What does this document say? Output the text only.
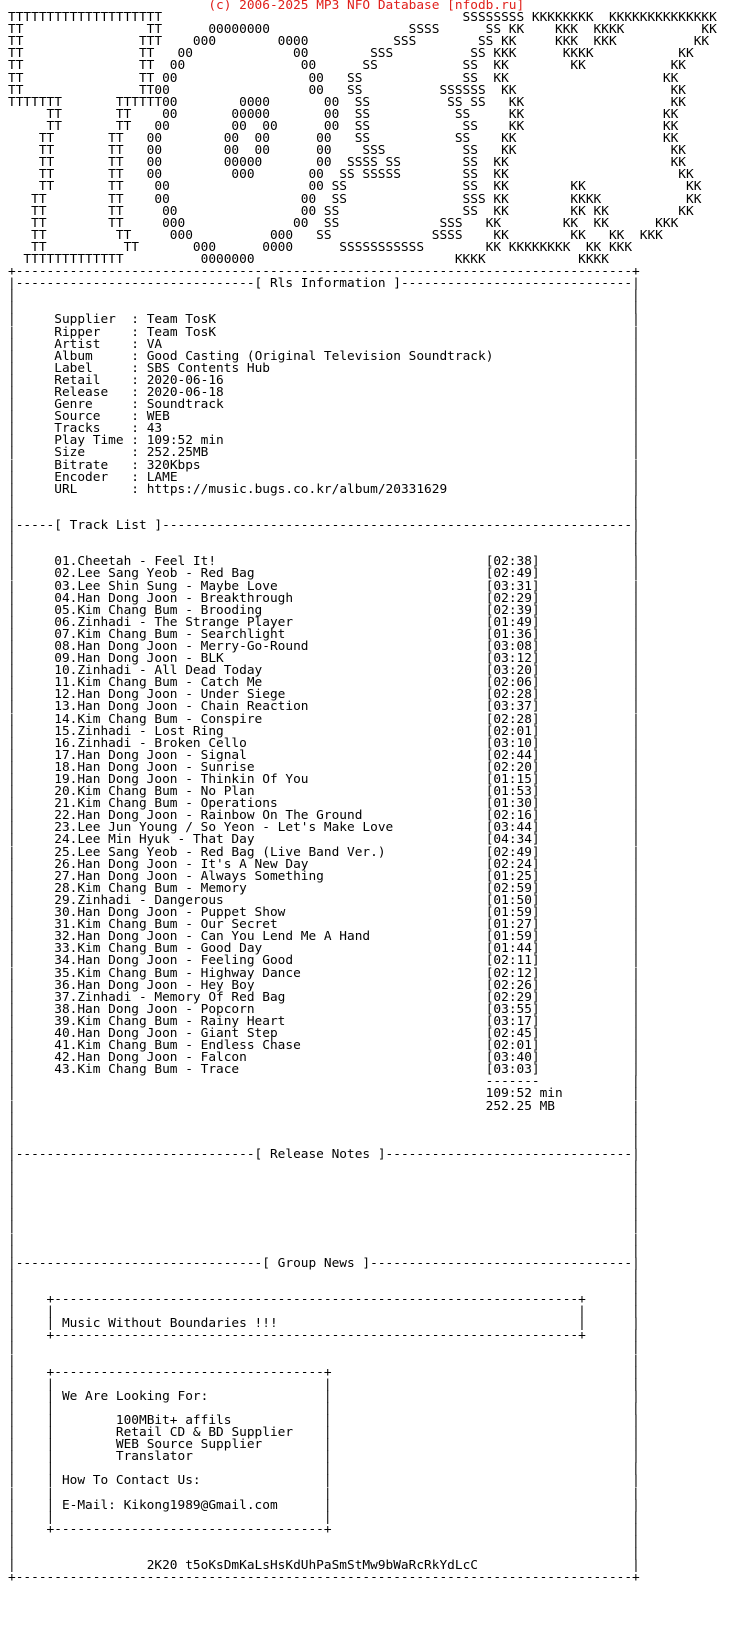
(c) 2006-2025 MP3 NFO Database [nfodb.ru]
TTTTTTTTTTTTTTTTTTTT                                       SSSSSSSS KKKKKKKK  KKKKKKKKKKKKKK
TT                TT      00000000                  SSSS      SS KK    KKK  KKKK          KK
TT               TTT    000        0000           SSS        SS KK     KKK  KKK          KK
TT               TT   00             00        SSS          SS KKK      KKKK           KK
TT               TT  00               00      SS           SS  KK        KK           KK
TT               TT 00                 00   SS             SS  KK                    KK
TT               TT00                  00   SS          SSSSSS  KK                    KK
TTTTTTT       TTTTTT00        0000       00  SS          SS SS   KK                   KK
TT       TT    00       00000       00  SS           SS     KK                  KK
TT       TT   00        00  00      00  SS            SS    KK                  KK
TT       TT   00        00  00      00   SS           SS    KK                   KK
TT       TT   00        00  00      00    SSS          SS   KK                    KK
TT       TT   00        00000       00  SSSS SS        SS  KK                     KK
TT       TT   00         000       00  SS SSSSS        SS  KK                      KK
TT       TT    00                  00 SS               SS  KK        KK             KK
TT        TT    00                 00  SS               SSS KK        KKKK           KK
TT        TT     00                00 SS                SS  KK        KK KK         KK
TT        TT     000              00  SS             SSS   KK        KK  KK      KKK
TT         TT     000          000   SS             SSSS    KK        KK   KK  KKK
TT          TT       000      0000      SSSSSSSSSSS        KK KKKKKKKK  KK KKK
TTTTTTTTTTTTT          0000000                          KKKK            KKKK
+--------------------------------------------------------------------------------+
|-------------------------------[ Rls Information ]------------------------------|
|                                                                                |
|                                                                                |
|     Supplier  : Team TosK                                                      |
|     Ripper    : Team TosK                                                      |
|     Artist    : VA                                                             |
|     Album     : Good Casting (Original Television Soundtrack)                  |
|     Label     : SBS Contents Hub                                               |
|     Retail    : 2020-06-16                                                     |
|     Release   : 2020-06-18                                                     |
|     Genre     : Soundtrack                                                     |
|     Source    : WEB                                                            |
|     Tracks    : 43                                                             |
|     Play Time : 109:52 min                                                     |
|     Size      : 252.25MB                                                       |
|     Bitrate   : 320Kbps                                                        |
|     Encoder   : LAME                                                           |
|     URL       : https://music.bugs.co.kr/album/20331629                        |
|                                                                                |
|                                                                                |
|-----[ Track List ]-------------------------------------------------------------|
|                                                                                |
|                                                                                |
|     01.Cheetah - Feel It!	[02:38]            |
|     02.Lee Sang Yeob - Red Bag	[02:49]            |
|     03.Lee Shin Sung - Maybe Love	[03:31]            |
|     04.Han Dong Joon - Breakthrough	[02:29]            |
|     05.Kim Chang Bum - Brooding	[02:39]            |
|     06.Zinhadi - The Strange Player	[01:49]            |
|     07.Kim Chang Bum - Searchlight	[01:36]            |
|     08.Han Dong Joon - Merry-Go-Round	[03:08]            |
|     09.Han Dong Joon - BLK	[03:12]            |
|     10.Zinhadi - All Dead Today	[03:20]            |
|     11.Kim Chang Bum - Catch Me	[02:06]            |
|     12.Han Dong Joon - Under Siege	[02:28]            |
|     13.Han Dong Joon - Chain Reaction	[03:37]            |
|     14.Kim Chang Bum - Conspire	[02:28]            |
|     15.Zinhadi - Lost Ring	[02:01]            |
|     16.Zinhadi - Broken Cello	[03:10]            |
|     17.Han Dong Joon - Signal	[02:44]            |
|     18.Han Dong Joon - Sunrise	[02:20]            |
|     19.Han Dong Joon - Thinkin Of You	[01:15]            |
|     20.Kim Chang Bum - No Plan	[01:53]            |
|     21.Kim Chang Bum - Operations	[01:30]            |
|     22.Han Dong Joon - Rainbow On The Ground	[02:16]            |
|     23.Lee Jun Young / So Yeon - Let's Make Love	[03:44]            |
|     24.Lee Min Hyuk - That Day	[04:34]            |
|     25.Lee Sang Yeob - Red Bag (Live Band Ver.)	[02:49]            |
|     26.Han Dong Joon - It's A New Day	[02:24]            |
|     27.Han Dong Joon - Always Something	[01:25]            |
|     28.Kim Chang Bum - Memory	[02:59]            |
|     29.Zinhadi - Dangerous	[01:50]            |
|     30.Han Dong Joon - Puppet Show	[01:59]            |
|     31.Kim Chang Bum - Our Secret	[01:27]            |
|     32.Han Dong Joon - Can You Lend Me A Hand	[01:59]            |
|     33.Kim Chang Bum - Good Day	[01:44]            |
|     34.Han Dong Joon - Feeling Good	[02:11]            |
|     35.Kim Chang Bum - Highway Dance	[02:12]            |
|     36.Han Dong Joon - Hey Boy	[02:26]            |
|     37.Zinhadi - Memory Of Red Bag	[02:29]            |
|     38.Han Dong Joon - Popcorn	[03:55]            |
|     39.Kim Chang Bum - Rainy Heart	[03:17]            |
|     40.Han Dong Joon - Giant Step	[02:45]            |
|     41.Kim Chang Bum - Endless Chase	[02:01]            |
|     42.Han Dong Joon - Falcon	[03:40]            |
|     43.Kim Chang Bum - Trace	[03:03]            |
|                                                             -------            |
|                                                             109:52 min         |
|                                                             252.25 MB          |
|                                                                                |
|                                                                                |
|                                                                                |
|-------------------------------[ Release Notes ]--------------------------------|
|                                                                                |
|                                                                                |
|                                                                                |
|                                                                                |
|                                                                                |
|                                                                                |
|                                                                                |
|                                                                                |
|--------------------------------[ Group News ]----------------------------------|
|                                                                                |
|                                                                                |
|    +--------------------------------------------------------------------+      |
|    |                                                                    |      |
|    | Music Without Boundaries !!!                                       |      |
|    +--------------------------------------------------------------------+      |
|                                                                                |
|                                                                                |
|    +-----------------------------------+                                       |
|    |                                   |                                       |
|    | We Are Looking For:               |                                       |
|    |                                   |                                       |
|    |        100MBit+ affils            |                                       |
|    |        Retail CD & BD Supplier    |                                       |
|    |        WEB Source Supplier        |                                       |
|    |        Translator                 |                                       |
|    |                                   |                                       |
|    | How To Contact Us:                |                                       |
|    |                                   |                                       |
|    | E-Mail: Kikong1989@Gmail.com      |                                       |
|    |                                   |                                       |
|    +-----------------------------------+                                       |
|                                                                                |
|                                                                                |
|                 2K20 t5oKsDmKaLsHsKdUhPaSmStMw9bWaRcRkYdLcC                    |
+--------------------------------------------------------------------------------+
